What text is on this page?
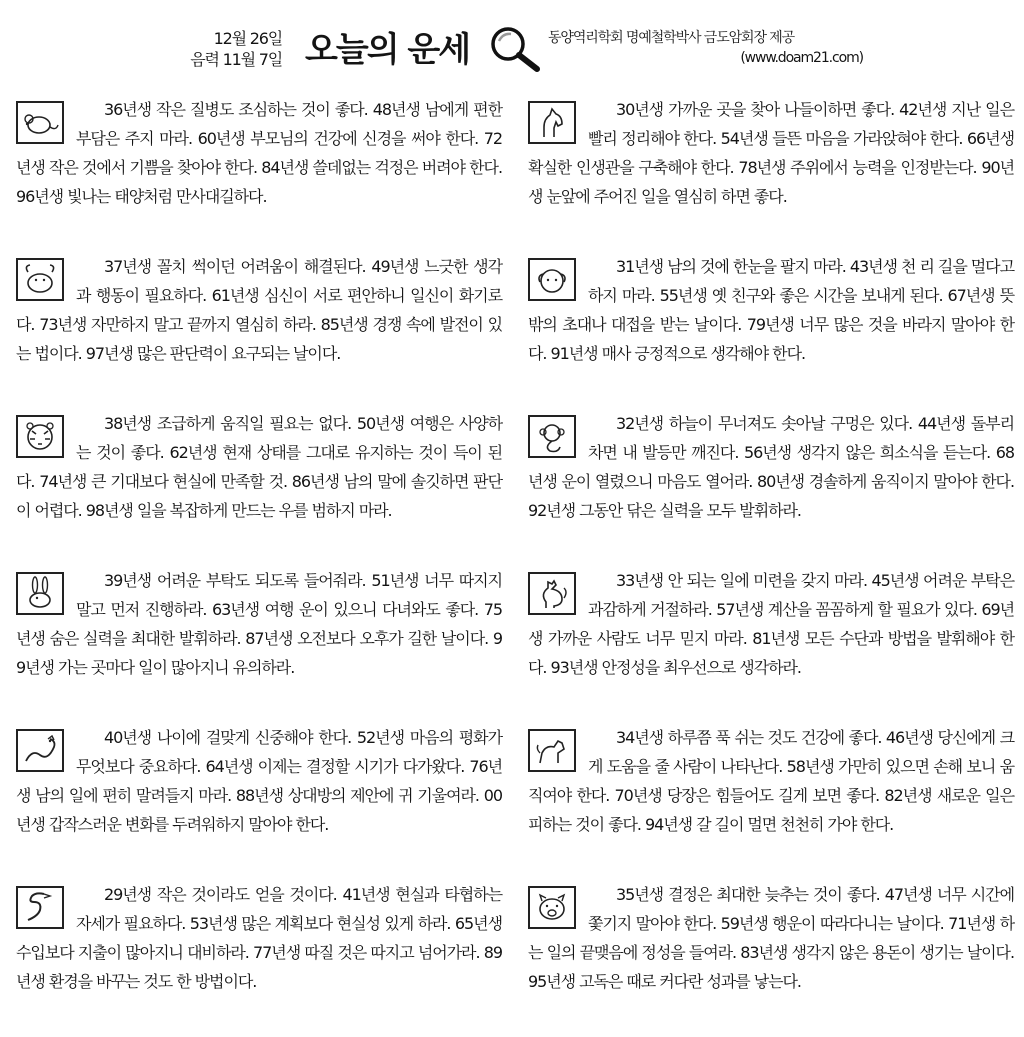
12월 26일
음력 11월 7일 오늘의 운세	동양역리학회 명예철학박사 금도암회장 제공
(www.doam21.com)

36년생 작은 질병도 조심하는 것이 좋다. 48년생 남에게 편한 부담은 주지 마라. 60년생 부모님의 건강에 신경을 써야 한다. 72년생 작은 것에서 기쁨을 찾아야 한다. 84년생 쓸데없는 걱정은 버려야 한다. 96년생 빛나는 태양처럼 만사대길하다.

37년생 꼴치 썩이던 어려움이 해결된다. 49년생 느긋한 생각과 행동이 필요하다. 61년생 심신이 서로 편안하니 일신이 화기로다. 73년생 자만하지 말고 끝까지 열심히 하라. 85년생 경쟁 속에 발전이 있는 법이다. 97년생 많은 판단력이 요구되는 날이다.

38년생 조급하게 움직일 필요는 없다. 50년생 여행은 사양하는 것이 좋다. 62년생 현재 상태를 그대로 유지하는 것이 득이 된다. 74년생 큰 기대보다 현실에 만족할 것. 86년생 남의 말에 솔깃하면 판단이 어렵다. 98년생 일을 복잡하게 만드는 우를 범하지 마라.

39년생 어려운 부탁도 되도록 들어줘라. 51년생 너무 따지지 말고 먼저 진행하라. 63년생 여행 운이 있으니 다녀와도 좋다. 75년생 숨은 실력을 최대한 발휘하라. 87년생 오전보다 오후가 길한 날이다. 99년생 가는 곳마다 일이 많아지니 유의하라.

40년생 나이에 걸맞게 신중해야 한다. 52년생 마음의 평화가 무엇보다 중요하다. 64년생 이제는 결정할 시기가 다가왔다. 76년생 남의 일에 편히 말려들지 마라. 88년생 상대방의 제안에 귀 기울여라. 00년생 갑작스러운 변화를 두려워하지 말아야 한다.

29년생 작은 것이라도 얻을 것이다. 41년생 현실과 타협하는 자세가 필요하다. 53년생 많은 계획보다 현실성 있게 하라. 65년생 수입보다 지출이 많아지니 대비하라. 77년생 따질 것은 따지고 넘어가라. 89년생 환경을 바꾸는 것도 한 방법이다.

30년생 가까운 곳을 찾아 나들이하면 좋다. 42년생 지난 일은 빨리 정리해야 한다. 54년생 들뜬 마음을 가라앉혀야 한다. 66년생 확실한 인생관을 구축해야 한다. 78년생 주위에서 능력을 인정받는다. 90년생 눈앞에 주어진 일을 열심히 하면 좋다.

31년생 남의 것에 한눈을 팔지 마라. 43년생 천 리 길을 멀다고 하지 마라. 55년생 옛 친구와 좋은 시간을 보내게 된다. 67년생 뜻밖의 초대나 대접을 받는 날이다. 79년생 너무 많은 것을 바라지 말아야 한다. 91년생 매사 긍정적으로 생각해야 한다.

32년생 하늘이 무너져도 솟아날 구멍은 있다. 44년생 돌부리 차면 내 발등만 깨진다. 56년생 생각지 않은 희소식을 듣는다. 68년생 운이 열렸으니 마음도 열어라. 80년생 경솔하게 움직이지 말아야 한다. 92년생 그동안 닦은 실력을 모두 발휘하라.

33년생 안 되는 일에 미련을 갖지 마라. 45년생 어려운 부탁은 과감하게 거절하라. 57년생 계산을 꼼꼼하게 할 필요가 있다. 69년생 가까운 사람도 너무 믿지 마라. 81년생 모든 수단과 방법을 발휘해야 한다. 93년생 안정성을 최우선으로 생각하라.

34년생 하루쯤 푹 쉬는 것도 건강에 좋다. 46년생 당신에게 크게 도움을 줄 사람이 나타난다. 58년생 가만히 있으면 손해 보니 움직여야 한다. 70년생 당장은 힘들어도 길게 보면 좋다. 82년생 새로운 일은 피하는 것이 좋다. 94년생 갈 길이 멀면 천천히 가야 한다.

35년생 결정은 최대한 늦추는 것이 좋다. 47년생 너무 시간에 쫓기지 말아야 한다. 59년생 행운이 따라다니는 날이다. 71년생 하는 일의 끝맺음에 정성을 들여라. 83년생 생각지 않은 용돈이 생기는 날이다. 95년생 고독은 때로 커다란 성과를 낳는다.
